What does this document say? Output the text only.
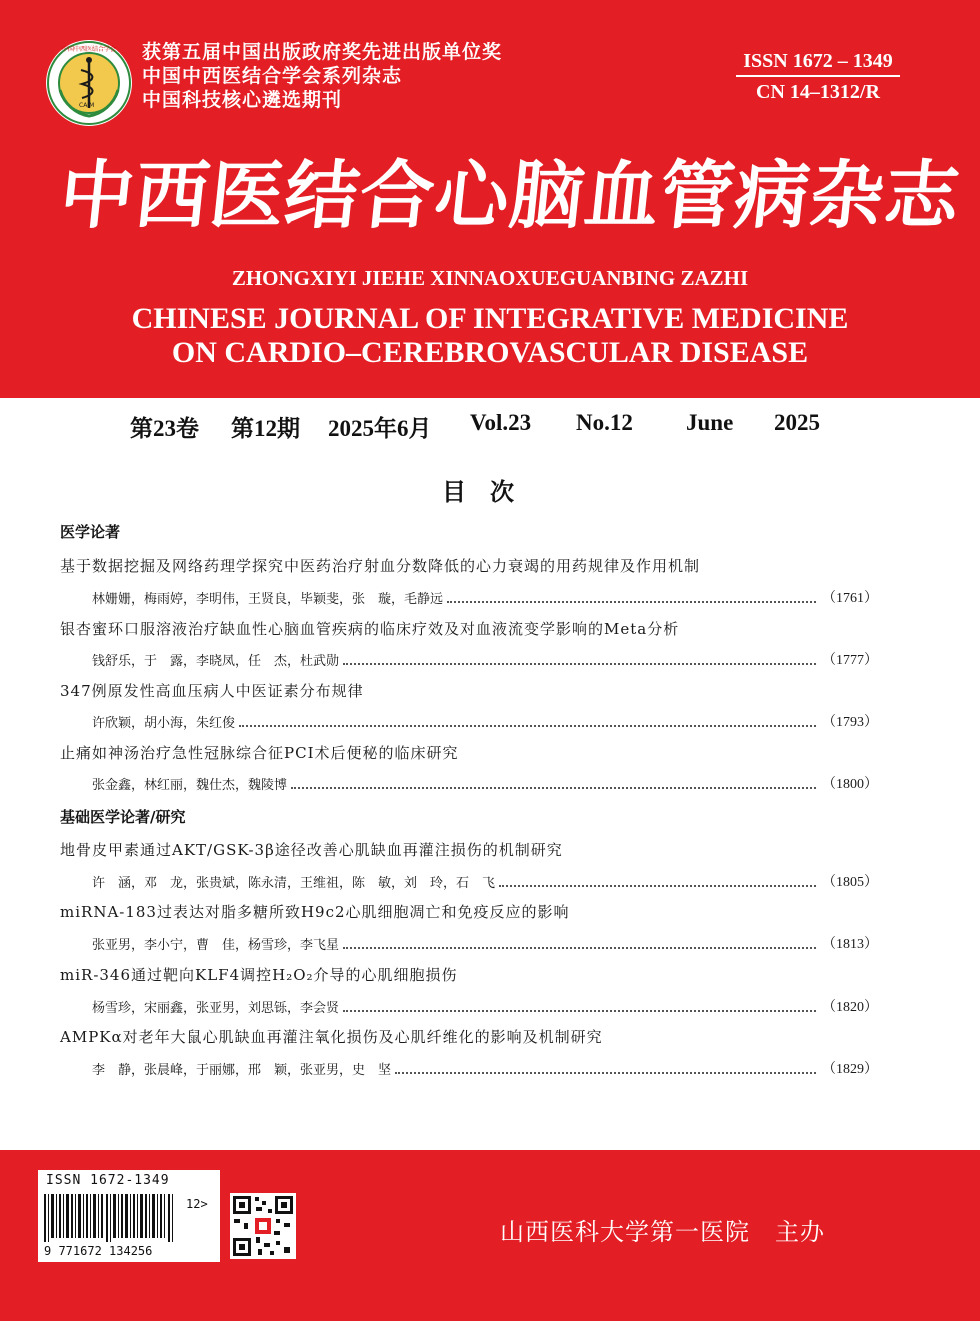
中国中西医结合学会
CAIM
获第五届中国出版政府奖先进出版单位奖
中国中西医结合学会系列杂志
中国科技核心遴选期刊
ISSN 1672 – 1349
CN 14–1312/R
中西医结合心脑血管病杂志
ZHONGXIYI JIEHE XINNAOXUEGUANBING ZAZHI
CHINESE JOURNAL OF INTEGRATIVE MEDICINE
ON CARDIO–CEREBROVASCULAR DISEASE
第23卷 第12期 2025年6月 Vol.23 No.12 June 2025
目次
医学论著
基于数据挖掘及网络药理学探究中医药治疗射血分数降低的心力衰竭的用药规律及作用机制
林姗姗，梅雨婷，李明伟，王贤良，毕颖斐，张　璇，毛静远	（1761）
银杏蜜环口服溶液治疗缺血性心脑血管疾病的临床疗效及对血液流变学影响的Meta分析
钱舒乐，于　露，李晓凤，任　杰，杜武勋	（1777）
347例原发性高血压病人中医证素分布规律
许欣颖，胡小海，朱红俊	（1793）
止痛如神汤治疗急性冠脉综合征PCI术后便秘的临床研究
张金鑫，林红丽，魏仕杰，魏陵博	（1800）
基础医学论著/研究
地骨皮甲素通过AKT/GSK-3β途径改善心肌缺血再灌注损伤的机制研究
许　涵，邓　龙，张贵斌，陈永清，王维祖，陈　敏，刘　玲，石　飞	（1805）
miRNA-183过表达对脂多糖所致H9c2心肌细胞凋亡和免疫反应的影响
张亚男，李小宁，曹　佳，杨雪珍，李飞星	（1813）
miR-346通过靶向KLF4调控H₂O₂介导的心肌细胞损伤
杨雪珍，宋丽鑫，张亚男，刘思铄，李会贤	（1820）
AMPKα对老年大鼠心肌缺血再灌注氧化损伤及心肌纤维化的影响及机制研究
李　静，张晨峰，于丽娜，邢　颖，张亚男，史　坚	（1829）
ISSN 1672-1349
12>
9 771672 134256
山西医科大学第一医院　主办
